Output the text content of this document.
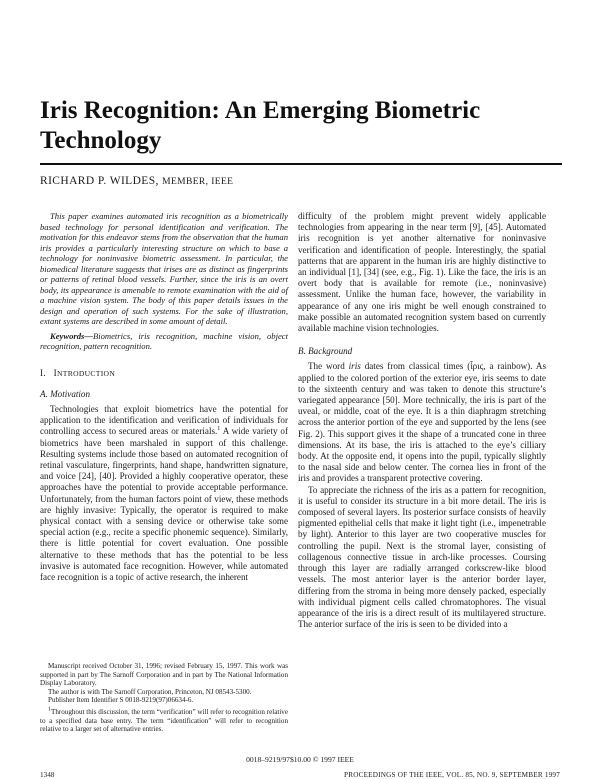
Iris Recognition: An Emerging Biometric Technology
RICHARD P. WILDES, MEMBER, IEEE

This paper examines automated iris recognition as a biometrically based technology for personal identification and verification. The motivation for this endeavor stems from the observation that the human iris provides a particularly interesting structure on which to base a technology for noninvasive biometric assessment. In particular, the biomedical literature suggests that irises are as distinct as fingerprints or patterns of retinal blood vessels. Further, since the iris is an overt body, its appearance is amenable to remote examination with the aid of a machine vision system. The body of this paper details issues in the design and operation of such systems. For the sake of illustration, extant systems are described in some amount of detail.

Keywords—Biometrics, iris recognition, machine vision, object recognition, pattern recognition.

I. INTRODUCTION
A. Motivation

Technologies that exploit biometrics have the potential for application to the identification and verification of individuals for controlling access to secured areas or materials.$^1$ A wide variety of biometrics have been marshaled in support of this challenge. Resulting systems include those based on automated recognition of retinal vasculature, fingerprints, hand shape, handwritten signature, and voice [24], [40]. Provided a highly cooperative operator, these approaches have the potential to provide acceptable performance. Unfortunately, from the human factors point of view, these methods are highly invasive: Typically, the operator is required to make physical contact with a sensing device or otherwise take some special action (e.g., recite a specific phonemic sequence). Similarly, there is little potential for covert evaluation. One possible alternative to these methods that has the potential to be less invasive is automated face recognition. However, while automated face recognition is a topic of active research, the inherent

difficulty of the problem might prevent widely applicable technologies from appearing in the near term [9], [45]. Automated iris recognition is yet another alternative for noninvasive verification and identification of people. Interestingly, the spatial patterns that are apparent in the human iris are highly distinctive to an individual [1], [34] (see, e.g., Fig. 1). Like the face, the iris is an overt body that is available for remote (i.e., noninvasive) assessment. Unlike the human face, however, the variability in appearance of any one iris might be well enough constrained to make possible an automated recognition system based on currently available machine vision technologies.

B. Background

The word iris dates from classical times (ἶρις, a rainbow). As applied to the colored portion of the exterior eye, iris seems to date to the sixteenth century and was taken to denote this structure’s variegated appearance [50]. More technically, the iris is part of the uveal, or middle, coat of the eye. It is a thin diaphragm stretching across the anterior portion of the eye and supported by the lens (see Fig. 2). This support gives it the shape of a truncated cone in three dimensions. At its base, the iris is attached to the eye’s cilliary body. At the opposite end, it opens into the pupil, typically slightly to the nasal side and below center. The cornea lies in front of the iris and provides a transparent protective covering.

To appreciate the richness of the iris as a pattern for recognition, it is useful to consider its structure in a bit more detail. The iris is composed of several layers. Its posterior surface consists of heavily pigmented epithelial cells that make it light tight (i.e., impenetrable by light). Anterior to this layer are two cooperative muscles for controlling the pupil. Next is the stromal layer, consisting of collagenous connective tissue in arch-like processes. Coursing through this layer are radially arranged corkscrew-like blood vessels. The most anterior layer is the anterior border layer, differing from the stroma in being more densely packed, especially with individual pigment cells called chromatophores. The visual appearance of the iris is a direct result of its multilayered structure. The anterior surface of the iris is seen to be divided into a

Manuscript received October 31, 1996; revised February 15, 1997. This work was supported in part by The Sarnoff Corporation and in part by The National Information Display Laboratory.

The author is with The Sarnoff Corporation, Princeton, NJ 08543-5300.

Publisher Item Identifier S 0018-9219(97)06634-6.

$^1$Throughout this discussion, the term “verification” will refer to recognition relative to a specified data base entry. The term “identification” will refer to recognition relative to a larger set of alternative entries.

0018–9219/97$10.00 © 1997 IEEE
1348	PROCEEDINGS OF THE IEEE, VOL. 85, NO. 9, SEPTEMBER 1997
